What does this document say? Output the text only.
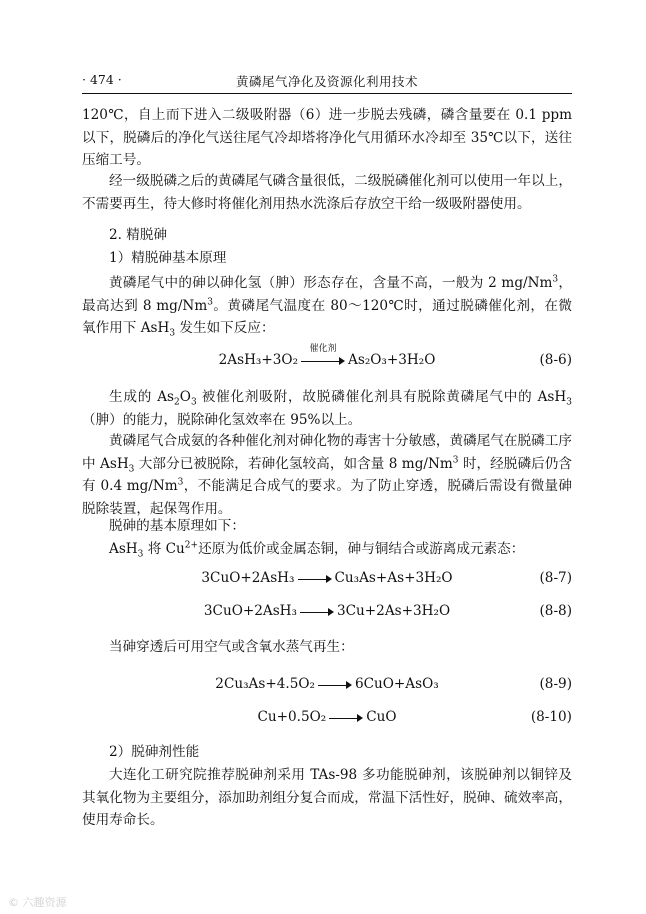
· 474 ·	黄磷尾气净化及资源化利用技术
120℃，自上而下进入二级吸附器（6）进一步脱去残磷，磷含量要在 0.1 ppm 以下，脱磷后的净化气送往尾气冷却塔将净化气用循环水冷却至 35℃以下，送往压缩工号。
经一级脱磷之后的黄磷尾气磷含量很低，二级脱磷催化剂可以使用一年以上，不需要再生，待大修时将催化剂用热水洗涤后存放空干给一级吸附器使用。
2. 精脱砷
1）精脱砷基本原理
黄磷尾气中的砷以砷化氢（胂）形态存在，含量不高，一般为 2 mg/Nm$^3$，最高达到 8 mg/Nm$^3$。黄磷尾气温度在 80～120℃时，通过脱磷催化剂，在微氧作用下 AsH$_3$ 发生如下反应：
2AsH₃+3O₂
催化剂
As₂O₃+3H₂O	(8-6)
生成的 $As_2O_3$ 被催化剂吸附，故脱磷催化剂具有脱除黄磷尾气中的 AsH$_3$（胂）的能力，脱除砷化氢效率在 95%以上。
黄磷尾气合成氨的各种催化剂对砷化物的毒害十分敏感，黄磷尾气在脱磷工序中 AsH$_3$ 大部分已被脱除，若砷化氢较高，如含量 8 mg/Nm$^3$ 时，经脱磷后仍含有 0.4 mg/Nm$^3$，不能满足合成气的要求。为了防止穿透，脱磷后需设有微量砷脱除装置，起保驾作用。
脱砷的基本原理如下：
AsH$_3$ 将 $Cu^{2+}$还原为低价或金属态铜，砷与铜结合或游离成元素态：
3CuO+2AsH₃	Cu₃As+As+3H₂O	(8-7)
3CuO+2AsH₃	3Cu+2As+3H₂O	(8-8)
当砷穿透后可用空气或含氧水蒸气再生：
2Cu₃As+4.5O₂	6CuO+AsO₃	(8-9)
Cu+0.5O₂	CuO	(8-10)
2）脱砷剂性能
大连化工研究院推荐脱砷剂采用 TAs-98 多功能脱砷剂，该脱砷剂以铜锌及其氧化物为主要组分，添加助剂组分复合而成，常温下活性好，脱砷、硫效率高，使用寿命长。
© 六趣资源
